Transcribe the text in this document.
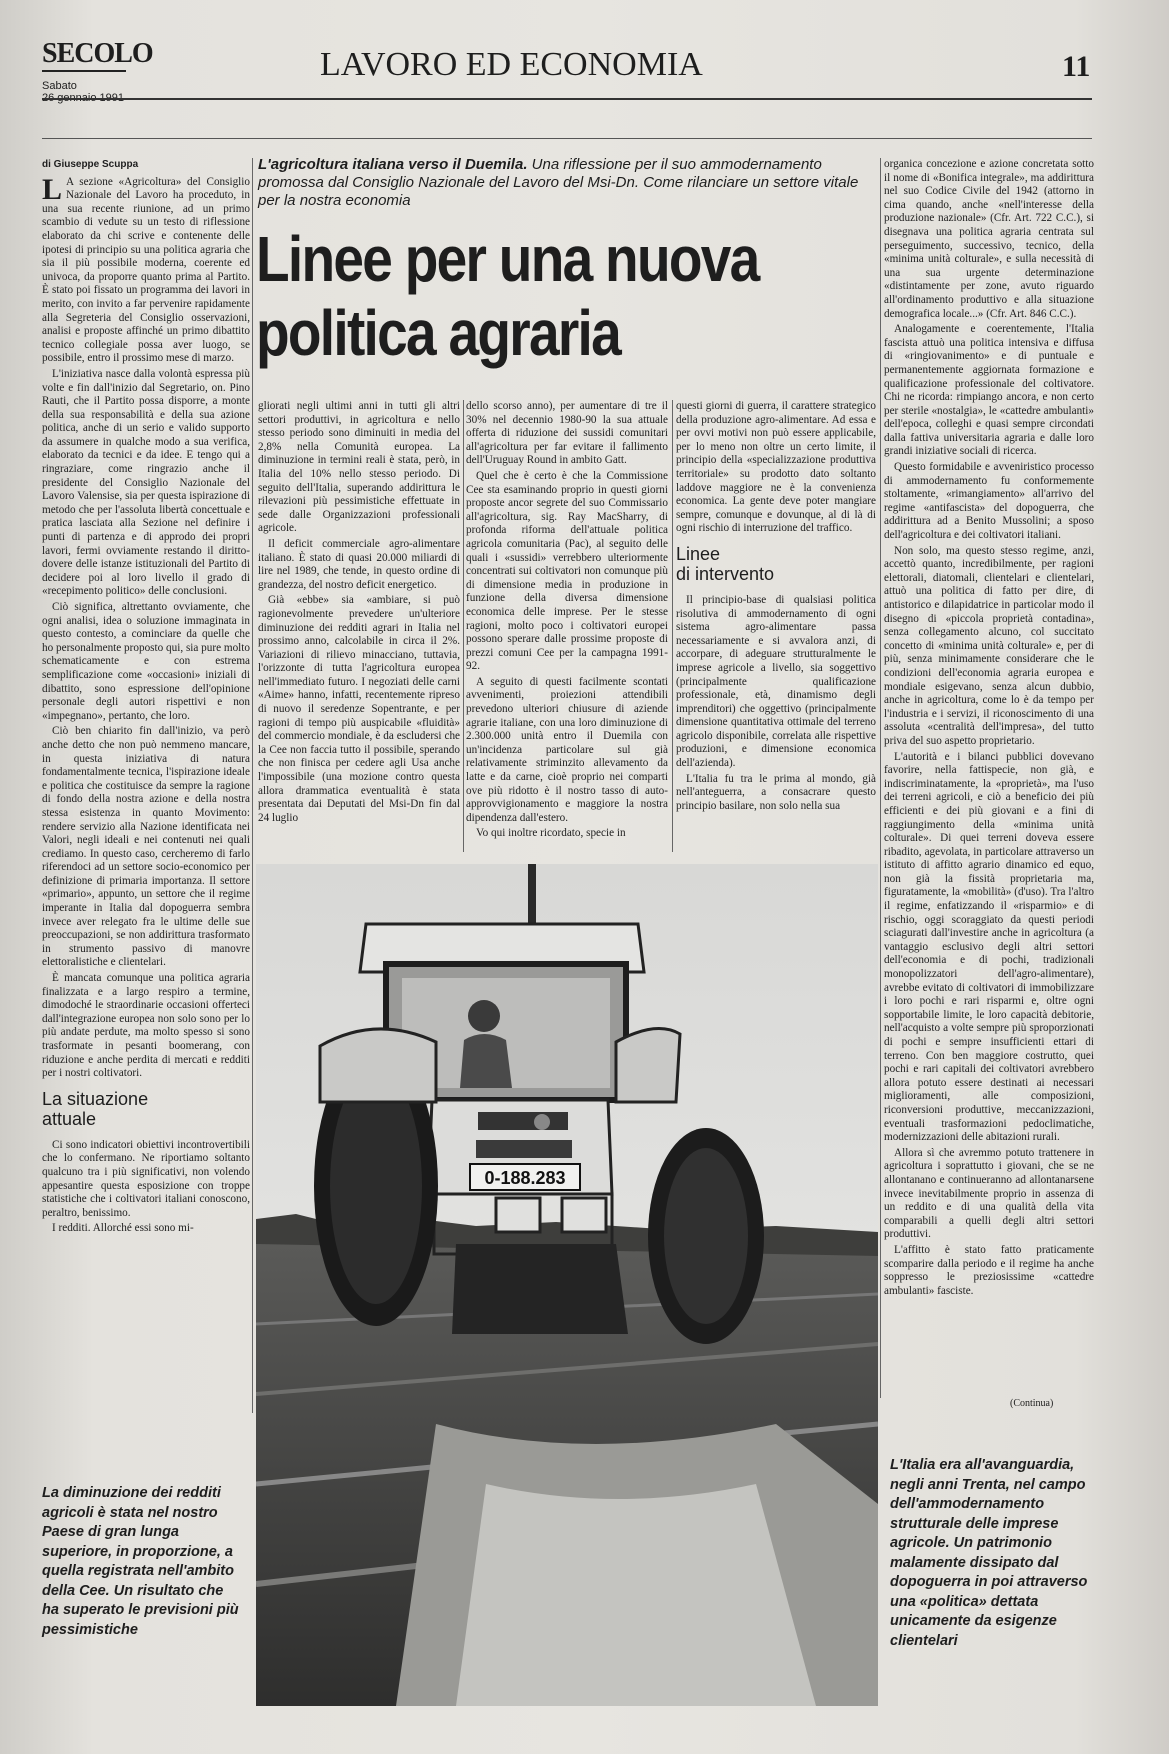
SECOLO
Sabato
26 gennaio 1991
LAVORO ED ECONOMIA	11
L'agricoltura italiana verso il Duemila. Una riflessione per il suo ammodernamento promossa dal Consiglio Nazionale del Lavoro del Msi-Dn. Come rilanciare un settore vitale per la nostra economia
Linee per una nuova
politica agraria
di Giuseppe Scuppa

L A sezione «Agricoltura» del Consiglio Nazionale del Lavoro ha proceduto, in una sua recente riunione, ad un primo scambio di vedute su un testo di riflessione elaborato da chi scrive e contenente delle ipotesi di principio su una politica agraria che sia il più possibile moderna, coerente ed univoca, da proporre quanto prima al Partito. È stato poi fissato un programma dei lavori in merito, con invito a far pervenire rapidamente alla Segreteria del Consiglio osservazioni, analisi e proposte affinché un primo dibattito tecnico collegiale possa aver luogo, se possibile, entro il prossimo mese di marzo.

L'iniziativa nasce dalla volontà espressa più volte e fin dall'inizio dal Segretario, on. Pino Rauti, che il Partito possa disporre, a monte della sua responsabilità e della sua azione politica, anche di un serio e valido supporto da assumere in qualche modo a sua verifica, elaborato da tecnici e da idee. E tengo qui a ringraziare, come ringrazio anche il presidente del Consiglio Nazionale del Lavoro Valensise, sia per questa ispirazione di metodo che per l'assoluta libertà concettuale e pratica lasciata alla Sezione nel definire i punti di partenza e di approdo dei propri lavori, fermi ovviamente restando il diritto-dovere delle istanze istituzionali del Partito di decidere poi al loro livello il grado di «recepimento politico» delle conclusioni.

Ciò significa, altrettanto ovviamente, che ogni analisi, idea o soluzione immaginata in questo contesto, a cominciare da quelle che ho personalmente proposto qui, sia pure molto schematicamente e con estrema semplificazione come «occasioni» iniziali di dibattito, sono espressione dell'opinione personale degli autori rispettivi e non «impegnano», pertanto, che loro.

Ciò ben chiarito fin dall'inizio, va però anche detto che non può nemmeno mancare, in questa iniziativa di natura fondamentalmente tecnica, l'ispirazione ideale e politica che costituisce da sempre la ragione di fondo della nostra azione e della nostra stessa esistenza in quanto Movimento: rendere servizio alla Nazione identificata nei Valori, negli ideali e nei contenuti nei quali crediamo. In questo caso, cercheremo di farlo riferendoci ad un settore socio-economico per definizione di primaria importanza. Il settore «primario», appunto, un settore che il regime imperante in Italia dal dopoguerra sembra invece aver relegato fra le ultime delle sue preoccupazioni, se non addirittura trasformato in strumento passivo di manovre elettoralistiche e clientelari.

È mancata comunque una politica agraria finalizzata e a largo respiro a termine, dimodoché le straordinarie occasioni offerteci dall'integrazione europea non solo sono per lo più andate perdute, ma molto spesso si sono trasformate in pesanti boomerang, con riduzione e anche perdita di mercati e redditi per i nostri coltivatori.

La situazione
attuale

Ci sono indicatori obiettivi incontrovertibili che lo confermano. Ne riportiamo soltanto qualcuno tra i più significativi, non volendo appesantire questa esposizione con troppe statistiche che i coltivatori italiani conoscono, peraltro, benissimo.

I redditi. Allorché essi sono mi-

gliorati negli ultimi anni in tutti gli altri settori produttivi, in agricoltura e nello stesso periodo sono diminuiti in media del 2,8% nella Comunità europea. La diminuzione in termini reali è stata, però, in Italia del 10% nello stesso periodo. Di seguito dell'Italia, superando addirittura le rilevazioni più pessimistiche effettuate in sede dalle Organizzazioni professionali agricole.

Il deficit commerciale agro-alimentare italiano. È stato di quasi 20.000 miliardi di lire nel 1989, che tende, in questo ordine di grandezza, del nostro deficit energetico.

Già «ebbe» sia «ambiare, si può ragionevolmente prevedere un'ulteriore diminuzione dei redditi agrari in Italia nel prossimo anno, calcolabile in circa il 2%. Variazioni di rilievo minacciano, tuttavia, l'orizzonte di tutta l'agricoltura europea nell'immediato futuro. I negoziati delle carni «Aime» hanno, infatti, recentemente ripreso di nuovo il seredenze Sopentrante, e per ragioni di tempo più auspicabile «fluidità» del commercio mondiale, è da escludersi che la Cee non faccia tutto il possibile, sperando che non finisca per cedere agli Usa anche l'impossibile (una mozione contro questa allora drammatica eventualità è stata presentata dai Deputati del Msi-Dn fin dal 24 luglio

dello scorso anno), per aumentare di tre il 30% nel decennio 1980-90 la sua attuale offerta di riduzione dei sussidi comunitari all'agricoltura per far evitare il fallimento dell'Uruguay Round in ambito Gatt.

Quel che è certo è che la Commissione Cee sta esaminando proprio in questi giorni proposte ancor segrete del suo Commissario all'agricoltura, sig. Ray MacSharry, di profonda riforma dell'attuale politica agricola comunitaria (Pac), al seguito delle quali i «sussidi» verrebbero ulteriormente concentrati sui coltivatori non comunque più di dimensione media in produzione in funzione della diversa dimensione economica delle imprese. Per le stesse ragioni, molto poco i coltivatori europei possono sperare dalle prossime proposte di prezzi comuni Cee per la campagna 1991-92.

A seguito di questi facilmente scontati avvenimenti, proiezioni attendibili prevedono ulteriori chiusure di aziende agrarie italiane, con una loro diminuzione di 2.300.000 unità entro il Duemila con un'incidenza particolare sul già relativamente striminzito allevamento da latte e da carne, cioè proprio nei comparti ove più ridotto è il nostro tasso di auto-approvvigionamento e maggiore la nostra dipendenza dall'estero.

Vo qui inoltre ricordato, specie in

questi giorni di guerra, il carattere strategico della produzione agro-alimentare. Ad essa e per ovvi motivi non può essere applicabile, per lo meno non oltre un certo limite, il principio della «specializzazione produttiva territoriale» su prodotto dato soltanto laddove maggiore ne è la convenienza economica. La gente deve poter mangiare sempre, comunque e dovunque, al di là di ogni rischio di interruzione del traffico.

Linee
di intervento

Il principio-base di qualsiasi politica risolutiva di ammodernamento di ogni sistema agro-alimentare passa necessariamente e si avvalora anzi, di accorpare, di adeguare strutturalmente le imprese agricole a livello, sia soggettivo (principalmente qualificazione professionale, età, dinamismo degli imprenditori) che oggettivo (principalmente dimensione quantitativa ottimale del terreno agricolo disponibile, correlata alle rispettive produzioni, e dimensione economica dell'azienda).

L'Italia fu tra le prima al mondo, già nell'anteguerra, a consacrare questo principio basilare, non solo nella sua

organica concezione e azione concretata sotto il nome di «Bonifica integrale», ma addirittura nel suo Codice Civile del 1942 (attorno in cima quando, anche «nell'interesse della produzione nazionale» (Cfr. Art. 722 C.C.), si disegnava una politica agraria centrata sul perseguimento, successivo, tecnico, della «minima unità colturale», e sulla necessità di una sua urgente determinazione «distintamente per zone, avuto riguardo all'ordinamento produttivo e alla situazione demografica locale...» (Cfr. Art. 846 C.C.).

Analogamente e coerentemente, l'Italia fascista attuò una politica intensiva e diffusa di «ringiovanimento» e di puntuale e permanentemente aggiornata formazione e qualificazione professionale del coltivatore. Chi ne ricorda: rimpiango ancora, e non certo per sterile «nostalgia», le «cattedre ambulanti» dell'epoca, colleghi e quasi sempre circondati dalla fattiva universitaria agraria e dalle loro grandi iniziative sociali di ricerca.

Questo formidabile e avveniristico processo di ammodernamento fu conformemente stoltamente, «rimangiamento» all'arrivo del regime «antifascista» del dopoguerra, che addirittura ad a Benito Mussolini; a sposo dell'agricoltura e dei coltivatori italiani.

Non solo, ma questo stesso regime, anzi, accettò quanto, incredibilmente, per ragioni elettorali, diatomali, clientelari e clientelari, attuò una politica di fatto per dire, di antistorico e dilapidatrice in particolar modo il disegno di «piccola proprietà contadina», senza collegamento alcuno, col succitato concetto di «minima unità colturale» e, per di più, senza minimamente considerare che le condizioni dell'economia agraria europea e mondiale esigevano, senza alcun dubbio, anche in agricoltura, come lo è da tempo per l'industria e i servizi, il riconoscimento di una assoluta «centralità dell'impresa», del tutto priva del suo aspetto proprietario.

L'autorità e i bilanci pubblici dovevano favorire, nella fattispecie, non già, e indiscriminatamente, la «proprietà», ma l'uso dei terreni agricoli, e ciò a beneficio dei più efficienti e dei più giovani e a fini di raggiungimento della «minima unità colturale». Di quei terreni doveva essere ribadito, agevolata, in particolare attraverso un istituto di affitto agrario dinamico ed equo, non già la fissità proprietaria ma, figuratamente, la «mobilità» (d'uso). Tra l'altro il regime, enfatizzando il «risparmio» e di rischio, oggi scoraggiato da questi periodi sciagurati dall'investire anche in agricoltura (a vantaggio esclusivo degli altri settori dell'economia e di pochi, tradizionali monopolizzatori dell'agro-alimentare), avrebbe evitato di coltivatori di immobilizzare i loro pochi e rari risparmi e, oltre ogni sopportabile limite, le loro capacità debitorie, nell'acquisto a volte sempre più sproporzionati di pochi e sempre insufficienti ettari di terreno. Con ben maggiore costrutto, quei pochi e rari capitali dei coltivatori avrebbero allora potuto essere destinati ai necessari miglioramenti, alle composizioni, riconversioni produttive, meccanizzazioni, eventuali trasformazioni pedoclimatiche, modernizzazioni delle abitazioni rurali.

Allora sì che avremmo potuto trattenere in agricoltura i soprattutto i giovani, che se ne allontanano e continueranno ad allontanarsene invece inevitabilmente proprio in assenza di un reddito e di una qualità della vita comparabili a quelli degli altri settori produttivi.

L'affitto è stato fatto praticamente scomparire dalla periodo e il regime ha anche soppresso le preziosissime «cattedre ambulanti» fasciste.

(Continua)
0-188.283
La diminuzione dei redditi agricoli è stata nel nostro Paese di gran lunga superiore, in proporzione, a quella registrata nell'ambito della Cee. Un risultato che ha superato le previsioni più pessimistiche
L'Italia era all'avanguardia, negli anni Trenta, nel campo dell'ammodernamento strutturale delle imprese agricole. Un patrimonio malamente dissipato dal dopoguerra in poi attraverso una «politica» dettata unicamente da esigenze clientelari
